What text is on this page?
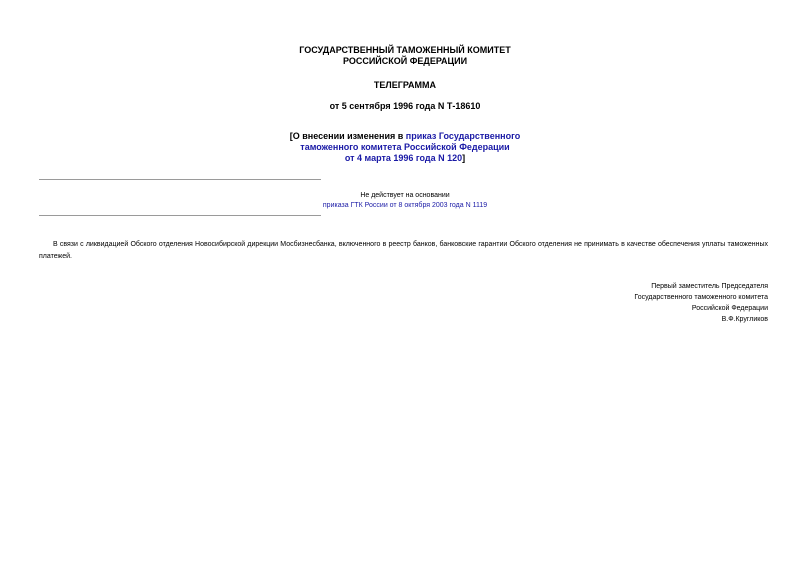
ГОСУДАРСТВЕННЫЙ ТАМОЖЕННЫЙ КОМИТЕТ
РОССИЙСКОЙ ФЕДЕРАЦИИ
ТЕЛЕГРАММА
от 5 сентября 1996 года N Т-18610
[О внесении изменения в приказ Государственного
таможенного комитета Российской Федерации
от 4 марта 1996 года N 120]
Не действует на основании
приказа ГТК России от 8 октября 2003 года N 1119
В связи с ликвидацией Обского отделения Новосибирской дирекции Мосбизнесбанка, включенного в реестр банков, банковские гарантии Обского отделения не принимать в качестве обеспечения уплаты таможенных платежей.
Первый заместитель Председателя
Государственного таможенного комитета
Российской Федерации
В.Ф.Кругликов
